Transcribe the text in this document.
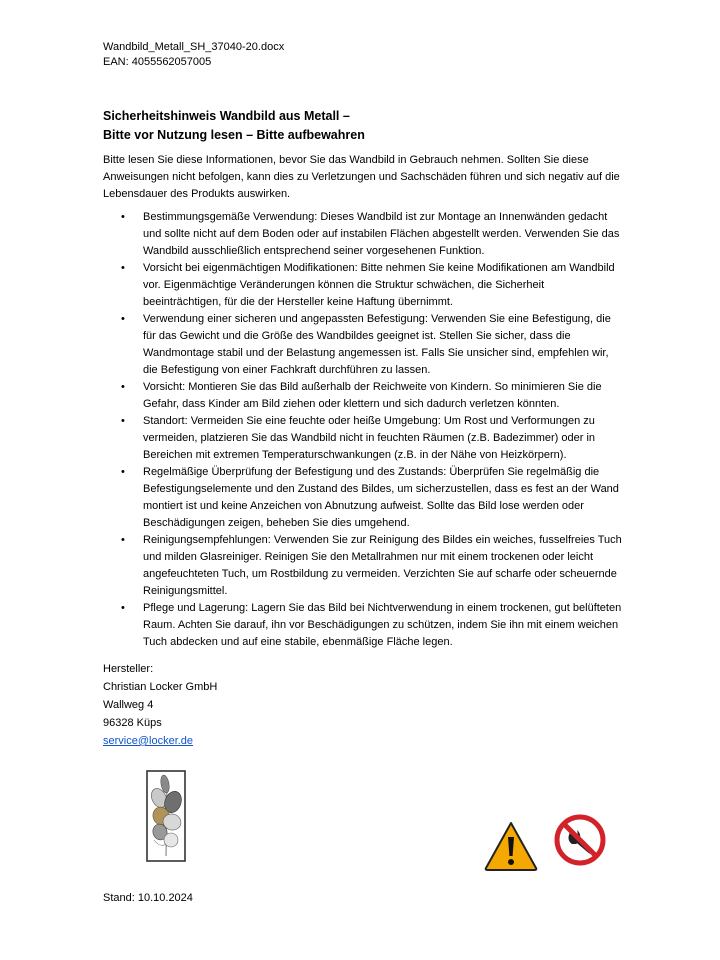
Wandbild_Metall_SH_37040-20.docx
EAN: 4055562057005
Sicherheitshinweis Wandbild aus Metall –
Bitte vor Nutzung lesen – Bitte aufbewahren

Bitte lesen Sie diese Informationen, bevor Sie das Wandbild in Gebrauch nehmen. Sollten Sie diese Anweisungen nicht befolgen, kann dies zu Verletzungen und Sachschäden führen und sich negativ auf die Lebensdauer des Produkts auswirken.

• Bestimmungsgemäße Verwendung: Dieses Wandbild ist zur Montage an Innenwänden gedacht und sollte nicht auf dem Boden oder auf instabilen Flächen abgestellt werden. Verwenden Sie das Wandbild ausschließlich entsprechend seiner vorgesehenen Funktion.
• Vorsicht bei eigenmächtigen Modifikationen: Bitte nehmen Sie keine Modifikationen am Wandbild vor. Eigenmächtige Veränderungen können die Struktur schwächen, die Sicherheit beeinträchtigen, für die der Hersteller keine Haftung übernimmt.
• Verwendung einer sicheren und angepassten Befestigung: Verwenden Sie eine Befestigung, die für das Gewicht und die Größe des Wandbildes geeignet ist. Stellen Sie sicher, dass die Wandmontage stabil und der Belastung angemessen ist. Falls Sie unsicher sind, empfehlen wir, die Befestigung von einer Fachkraft durchführen zu lassen.
• Vorsicht: Montieren Sie das Bild außerhalb der Reichweite von Kindern. So minimieren Sie die Gefahr, dass Kinder am Bild ziehen oder klettern und sich dadurch verletzen könnten.
• Standort: Vermeiden Sie eine feuchte oder heiße Umgebung: Um Rost und Verformungen zu vermeiden, platzieren Sie das Wandbild nicht in feuchten Räumen (z.B. Badezimmer) oder in Bereichen mit extremen Temperaturschwankungen (z.B. in der Nähe von Heizkörpern).
• Regelmäßige Überprüfung der Befestigung und des Zustands: Überprüfen Sie regelmäßig die Befestigungselemente und den Zustand des Bildes, um sicherzustellen, dass es fest an der Wand montiert ist und keine Anzeichen von Abnutzung aufweist. Sollte das Bild lose werden oder Beschädigungen zeigen, beheben Sie dies umgehend.
• Reinigungsempfehlungen: Verwenden Sie zur Reinigung des Bildes ein weiches, fusselfreies Tuch und milden Glasreiniger. Reinigen Sie den Metallrahmen nur mit einem trockenen oder leicht angefeuchteten Tuch, um Rostbildung zu vermeiden. Verzichten Sie auf scharfe oder scheuernde Reinigungsmittel.
• Pflege und Lagerung: Lagern Sie das Bild bei Nichtverwendung in einem trockenen, gut belüfteten Raum. Achten Sie darauf, ihn vor Beschädigungen zu schützen, indem Sie ihn mit einem weichen Tuch abdecken und auf eine stabile, ebenmäßige Fläche legen.
Hersteller:
Christian Locker GmbH
Wallweg 4
96328 Küps
service@locker.de
Stand: 10.10.2024
